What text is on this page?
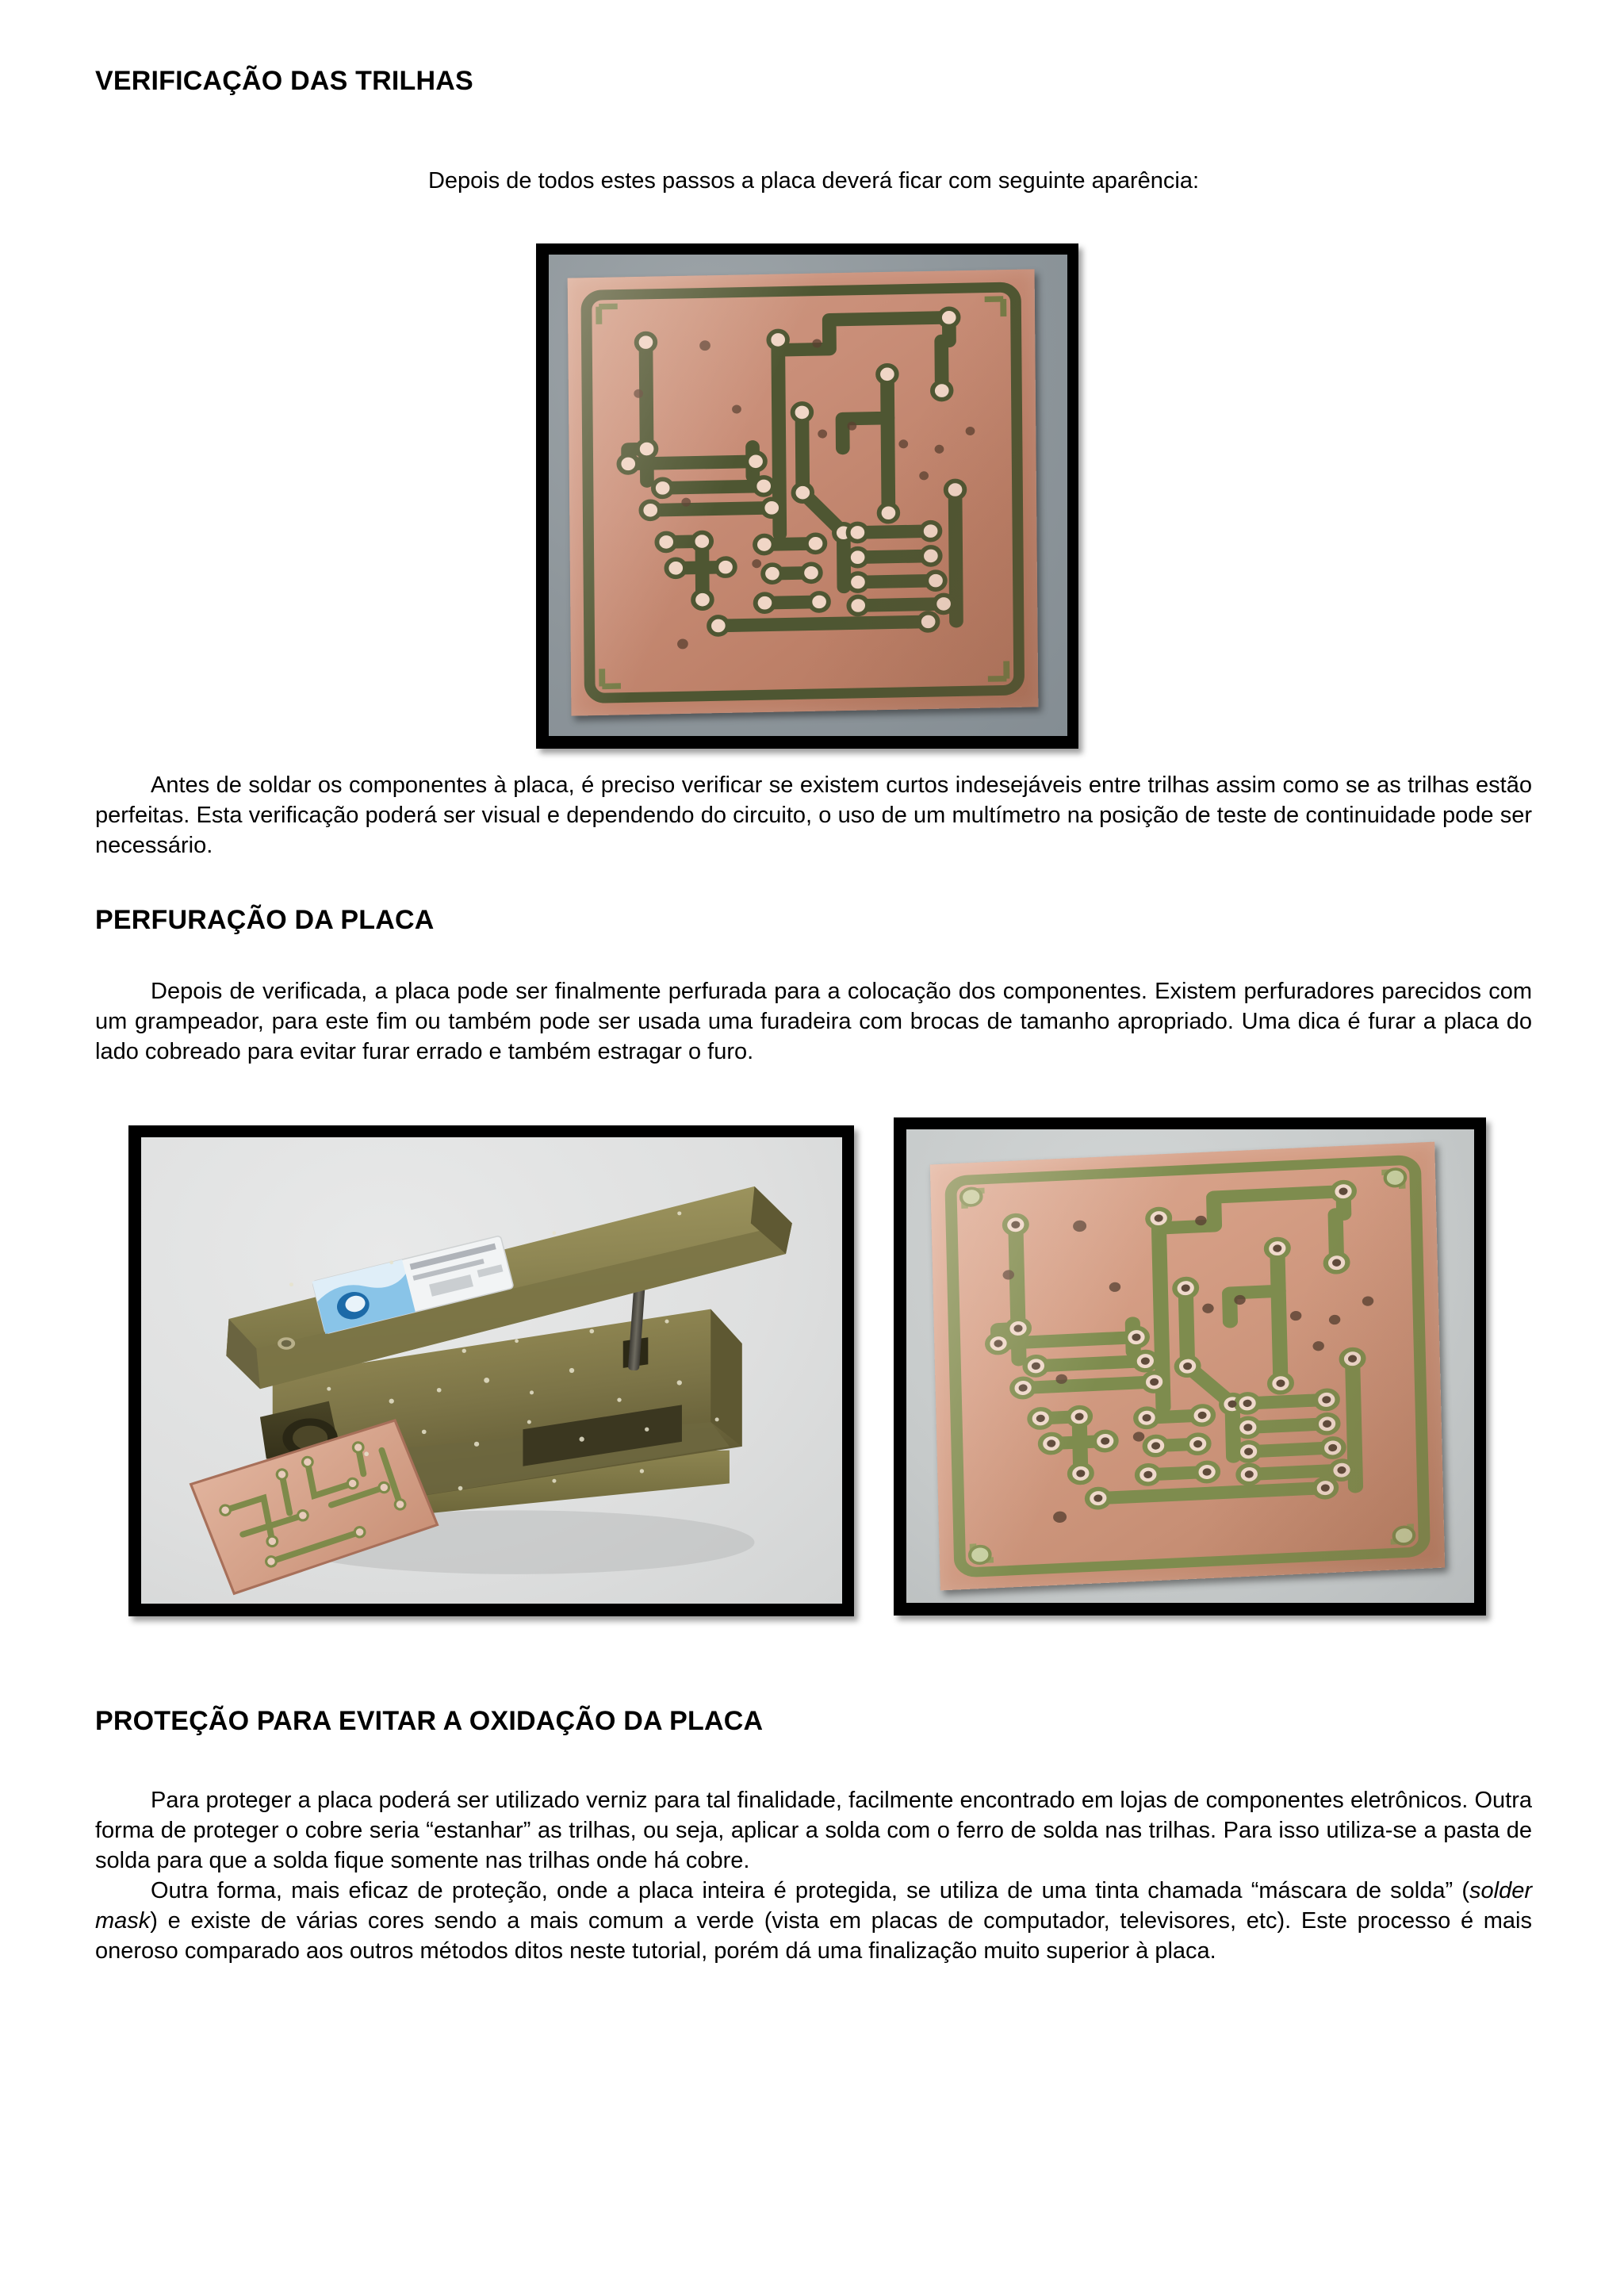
VERIFICAÇÃO DAS TRILHAS

Depois de todos estes passos a placa deverá ficar com seguinte aparência:

Antes de soldar os componentes à placa, é preciso verificar se existem curtos indesejáveis entre trilhas assim como se as trilhas estão perfeitas. Esta verificação poderá ser visual e dependendo do circuito, o uso de um multímetro na posição de teste de continuidade pode ser necessário.

PERFURAÇÃO DA PLACA

Depois de verificada, a placa pode ser finalmente perfurada para a colocação dos componentes. Existem perfuradores parecidos com um grampeador, para este fim ou também pode ser usada uma furadeira com brocas de tamanho apropriado. Uma dica é furar a placa do lado cobreado para evitar furar errado e também estragar o furo.

PROTEÇÃO PARA EVITAR A OXIDAÇÃO DA PLACA

Para proteger a placa poderá ser utilizado verniz para tal finalidade, facilmente encontrado em lojas de componentes eletrônicos. Outra forma de proteger o cobre seria “estanhar” as trilhas, ou seja, aplicar a solda com o ferro de solda nas trilhas. Para isso utiliza-se a pasta de solda para que a solda fique somente nas trilhas onde há cobre.

Outra forma, mais eficaz de proteção, onde a placa inteira é protegida, se utiliza de uma tinta chamada “máscara de solda” (solder mask) e existe de várias cores sendo a mais comum a verde (vista em placas de computador, televisores, etc). Este processo é mais oneroso comparado aos outros métodos ditos neste tutorial, porém dá uma finalização muito superior à placa.
